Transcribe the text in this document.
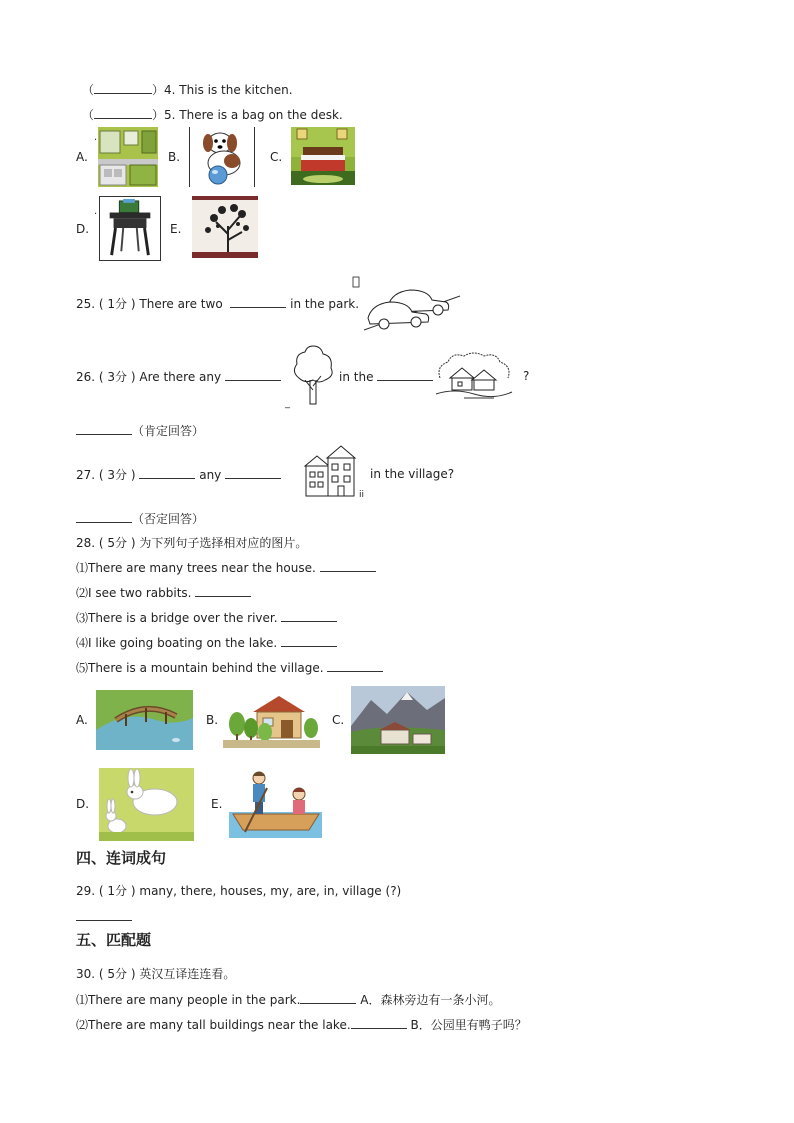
（	）4. This is the kitchen.
（	）5. There is a bag on the desk.
.
A.	B.	C.
.
D.	E.
25. ( 1分 ) There are two	in the park.
26. ( 3分 ) Are there any
_
in the	?
（肯定回答）
27. ( 3分 )	any
ii
in the village?
（否定回答）
28. ( 5分 ) 为下列句子选择相对应的图片。
⑴There are many trees near the house.
⑵I see two rabbits.
⑶There is a bridge over the river.
⑷I like going boating on the lake.
⑸There is a mountain behind the village.
A.	B.	C.
D.	E.
四、连词成句
29. ( 1分 ) many, there, houses, my, are, in, village (?)
五、匹配题
30. ( 5分 ) 英汉互译连连看。
⑴There are many people in the park.	A．森林旁边有一条小河。
⑵There are many tall buildings near the lake.	B．公园里有鸭子吗？
